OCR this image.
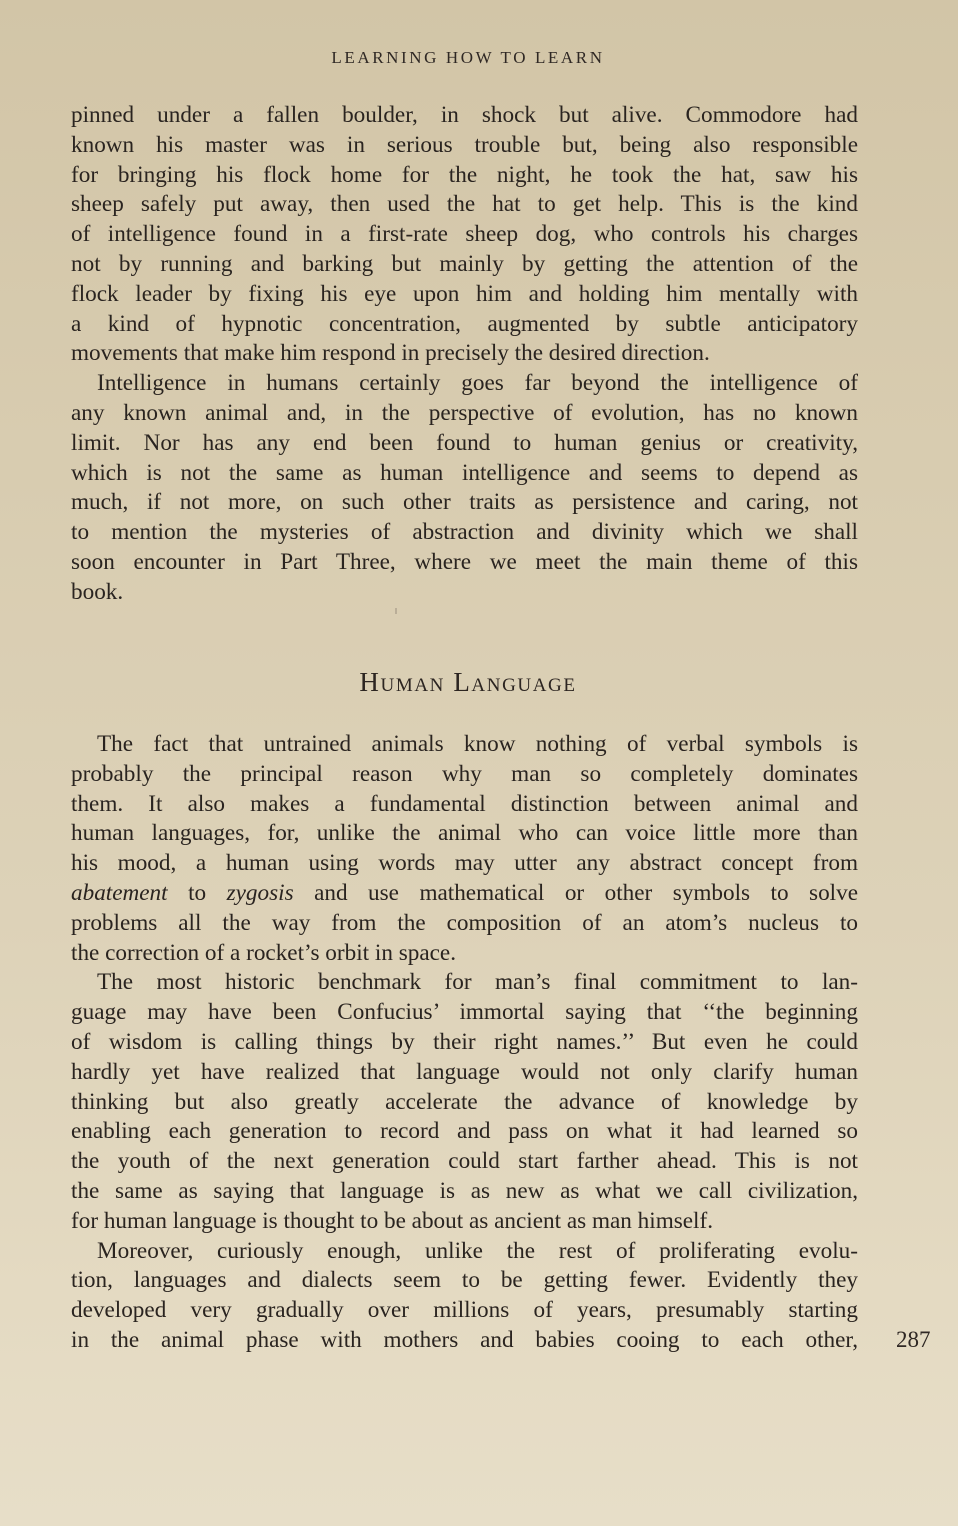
LEARNING HOW TO LEARN
pinned under a fallen boulder, in shock but alive. Commodore had
known his master was in serious trouble but, being also responsible
for bringing his flock home for the night, he took the hat, saw his
sheep safely put away, then used the hat to get help. This is the kind
of intelligence found in a first-rate sheep dog, who controls his charges
not by running and barking but mainly by getting the attention of the
flock leader by fixing his eye upon him and holding him mentally with
a kind of hypnotic concentration, augmented by subtle anticipatory
movements that make him respond in precisely the desired direction.
Intelligence in humans certainly goes far beyond the intelligence of
any known animal and, in the perspective of evolution, has no known
limit. Nor has any end been found to human genius or creativity,
which is not the same as human intelligence and seems to depend as
much, if not more, on such other traits as persistence and caring, not
to mention the mysteries of abstraction and divinity which we shall
soon encounter in Part Three, where we meet the main theme of this
book.
Human Language
The fact that untrained animals know nothing of verbal symbols is
probably the principal reason why man so completely dominates
them. It also makes a fundamental distinction between animal and
human languages, for, unlike the animal who can voice little more than
his mood, a human using words may utter any abstract concept from
abatement to zygosis and use mathematical or other symbols to solve
problems all the way from the composition of an atom’s nucleus to
the correction of a rocket’s orbit in space.
The most historic benchmark for man’s final commitment to lan-
guage may have been Confucius’ immortal saying that ‘‘the beginning
of wisdom is calling things by their right names.’’ But even he could
hardly yet have realized that language would not only clarify human
thinking but also greatly accelerate the advance of knowledge by
enabling each generation to record and pass on what it had learned so
the youth of the next generation could start farther ahead. This is not
the same as saying that language is as new as what we call civilization,
for human language is thought to be about as ancient as man himself.
Moreover, curiously enough, unlike the rest of proliferating evolu-
tion, languages and dialects seem to be getting fewer. Evidently they
developed very gradually over millions of years, presumably starting
in the animal phase with mothers and babies cooing to each other, 287
